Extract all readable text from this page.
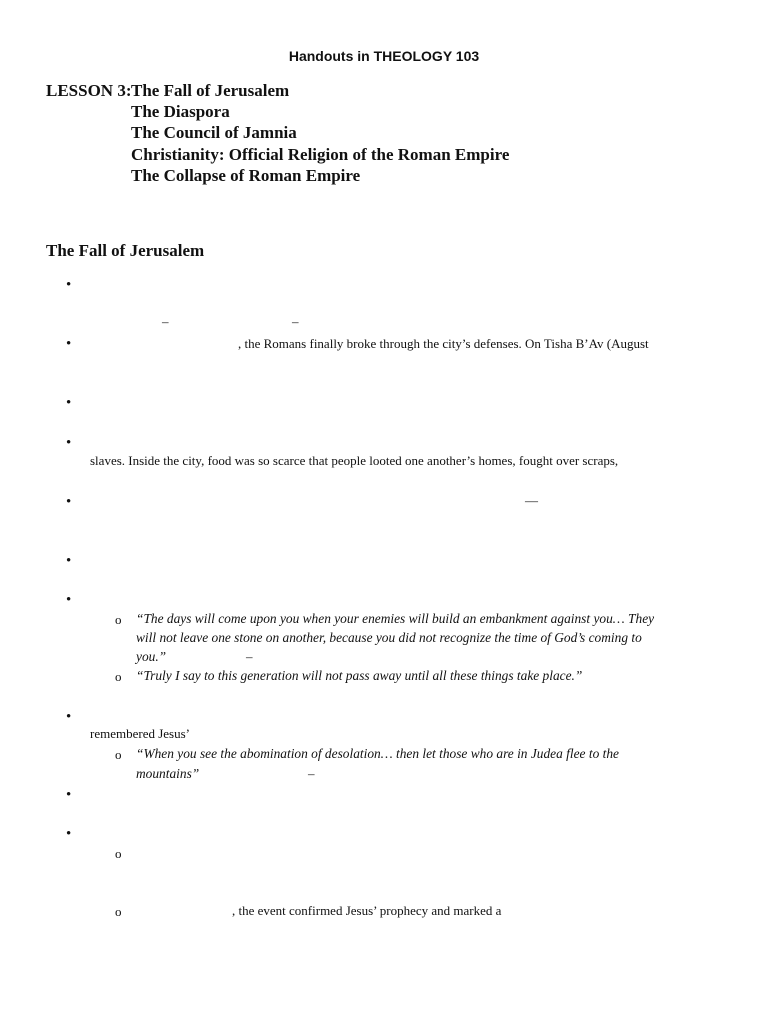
Handouts in THEOLOGY 103
LESSON 3: The Fall of Jerusalem
The Diaspora
The Council of Jamnia
Christianity: Official Religion of the Roman Empire
The Collapse of Roman Empire
The Fall of Jerusalem
•
–	–
•	, the Romans finally broke through the city’s defenses. On Tisha B’Av (August
•
•
slaves. Inside the city, food was so scarce that people looted one another’s homes, fought over scraps,
•	—
•
•
o “The days will come upon you when your enemies will build an embankment against you… They
will not leave one stone on another, because you did not recognize the time of God’s coming to
you.”	–
o “Truly I say to this generation will not pass away until all these things take place.”
•
remembered Jesus’
o “When you see the abomination of desolation… then let those who are in Judea flee to the
mountains”	–
•
•
o
o	, the event confirmed Jesus’ prophecy and marked a
